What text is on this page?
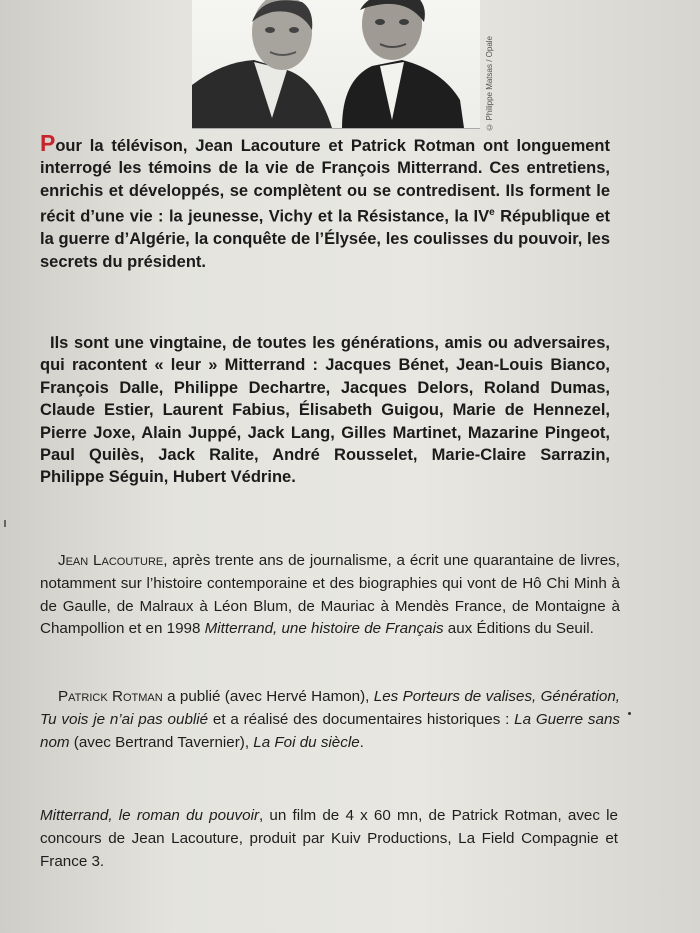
© Philippe Matsas / Opale

Pour la télévison, Jean Lacouture et Patrick Rotman ont longuement interrogé les témoins de la vie de François Mitterrand. Ces entretiens, enrichis et développés, se complètent ou se contredisent. Ils forment le récit d’une vie : la jeunesse, Vichy et la Résistance, la IVe République et la guerre d’Algérie, la conquête de l’Élysée, les coulisses du pouvoir, les secrets du président.

Ils sont une vingtaine, de toutes les générations, amis ou adversaires, qui racontent « leur » Mitterrand : Jacques Bénet, Jean-Louis Bianco, François Dalle, Philippe Dechartre, Jacques Delors, Roland Dumas, Claude Estier, Laurent Fabius, Élisabeth Guigou, Marie de Hennezel, Pierre Joxe, Alain Juppé, Jack Lang, Gilles Martinet, Mazarine Pingeot, Paul Quilès, Jack Ralite, André Rousselet, Marie-Claire Sarrazin, Philippe Séguin, Hubert Védrine.

Jean Lacouture, après trente ans de journalisme, a écrit une quarantaine de livres, notamment sur l’histoire contemporaine et des biographies qui vont de Hô Chi Minh à de Gaulle, de Malraux à Léon Blum, de Mauriac à Mendès France, de Montaigne à Champollion et en 1998 Mitterrand, une histoire de Français aux Éditions du Seuil.

Patrick Rotman a publié (avec Hervé Hamon), Les Porteurs de valises, Génération, Tu vois je n’ai pas oublié et a réalisé des documentaires historiques : La Guerre sans nom (avec Bertrand Tavernier), La Foi du siècle.

Mitterrand, le roman du pouvoir, un film de 4 x 60 mn, de Patrick Rotman, avec le concours de Jean Lacouture, produit par Kuiv Productions, La Field Compagnie et France 3.
